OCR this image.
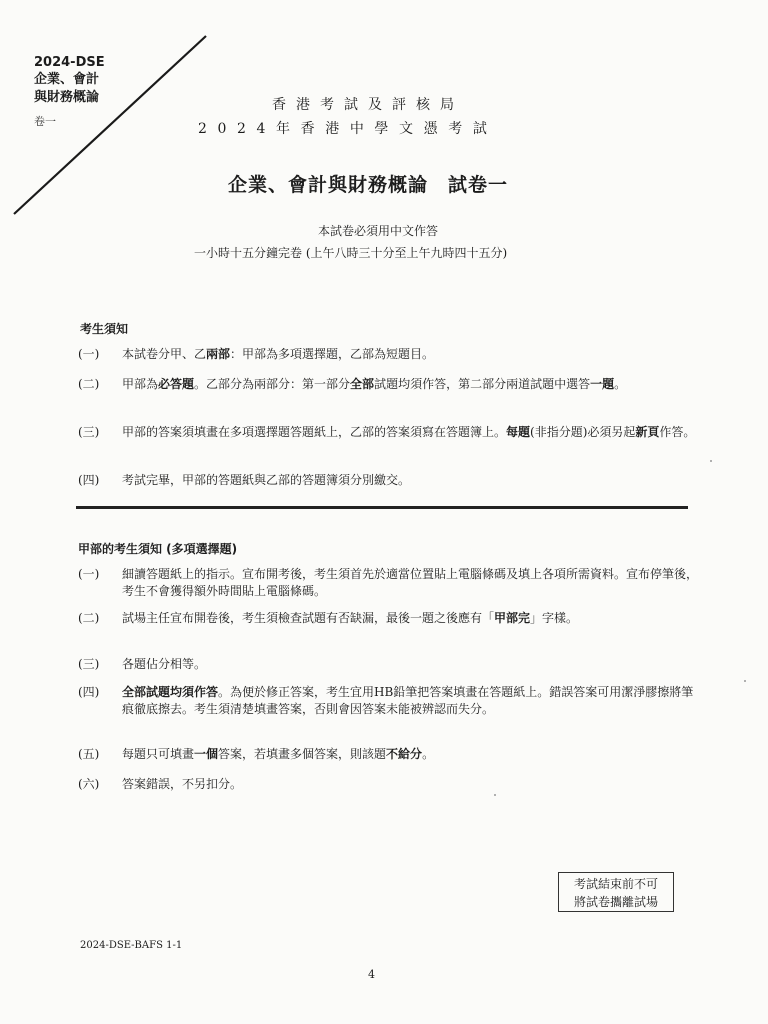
2024-DSE
企業、會計
與財務概論
卷一
香港考試及評核局
2024年香港中學文憑考試
企業、會計與財務概論　試卷一
本試卷必須用中文作答
一小時十五分鐘完卷 (上午八時三十分至上午九時四十五分)
考生須知
(一)	本試卷分甲、乙兩部：甲部為多項選擇題，乙部為短題目。
(二)	甲部為必答題。乙部分為兩部分：第一部分全部試題均須作答，第二部分兩道試題中選答一題。
(三)	甲部的答案須填畫在多項選擇題答題紙上，乙部的答案須寫在答題簿上。每題(非指分題)必須另起新頁作答。
(四)	考試完畢，甲部的答題紙與乙部的答題簿須分別繳交。
甲部的考生須知 (多項選擇題)
(一)	細讀答題紙上的指示。宣布開考後，考生須首先於適當位置貼上電腦條碼及填上各項所需資料。宣布停筆後，考生不會獲得額外時間貼上電腦條碼。
(二)	試場主任宣布開卷後，考生須檢查試題有否缺漏，最後一題之後應有「甲部完」字樣。
(三)	各題佔分相等。
(四)	全部試題均須作答。為便於修正答案，考生宜用HB鉛筆把答案填畫在答題紙上。錯誤答案可用潔淨膠擦將筆痕徹底擦去。考生須清楚填畫答案，否則會因答案未能被辨認而失分。
(五)	每題只可填畫一個答案，若填畫多個答案，則該題不給分。
(六)	答案錯誤，不另扣分。
考試結束前不可
將試卷攜離試場
2024-DSE-BAFS 1-1
4
